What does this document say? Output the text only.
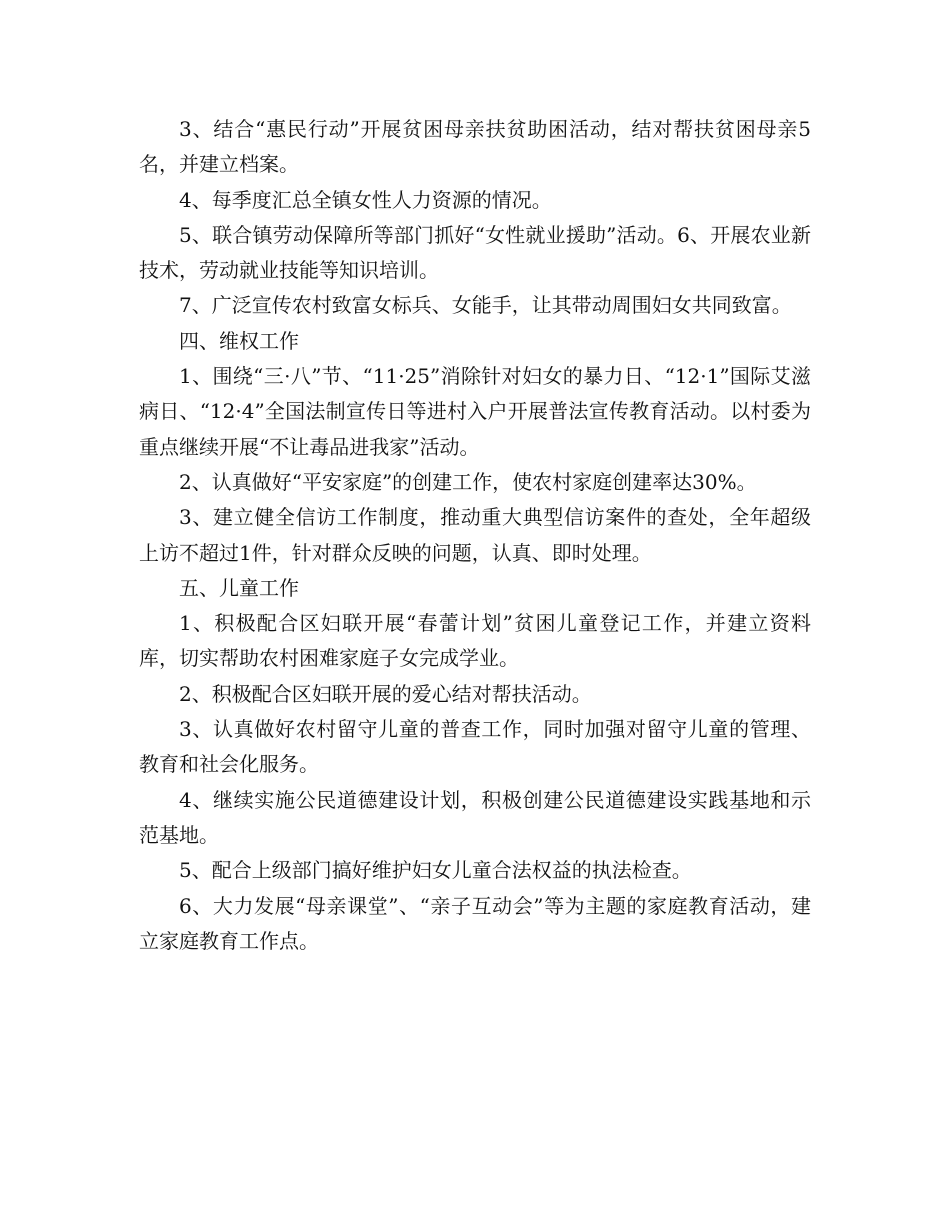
3、结合“惠民行动”开展贫困母亲扶贫助困活动，结对帮扶贫困母亲5名，并建立档案。

4、每季度汇总全镇女性人力资源的情况。

5、联合镇劳动保障所等部门抓好“女性就业援助”活动。6、开展农业新技术，劳动就业技能等知识培训。

7、广泛宣传农村致富女标兵、女能手，让其带动周围妇女共同致富。

四、维权工作

1、围绕“三·八”节、“11·25”消除针对妇女的暴力日、“12·1”国际艾滋病日、“12·4”全国法制宣传日等进村入户开展普法宣传教育活动。以村委为重点继续开展“不让毒品进我家”活动。

2、认真做好“平安家庭”的创建工作，使农村家庭创建率达30%。

3、建立健全信访工作制度，推动重大典型信访案件的查处，全年超级上访不超过1件，针对群众反映的问题，认真、即时处理。

五、儿童工作

1、积极配合区妇联开展“春蕾计划”贫困儿童登记工作，并建立资料库，切实帮助农村困难家庭子女完成学业。

2、积极配合区妇联开展的爱心结对帮扶活动。

3、认真做好农村留守儿童的普查工作，同时加强对留守儿童的管理、教育和社会化服务。

4、继续实施公民道德建设计划，积极创建公民道德建设实践基地和示范基地。

5、配合上级部门搞好维护妇女儿童合法权益的执法检查。

6、大力发展“母亲课堂”、“亲子互动会”等为主题的家庭教育活动，建立家庭教育工作点。
